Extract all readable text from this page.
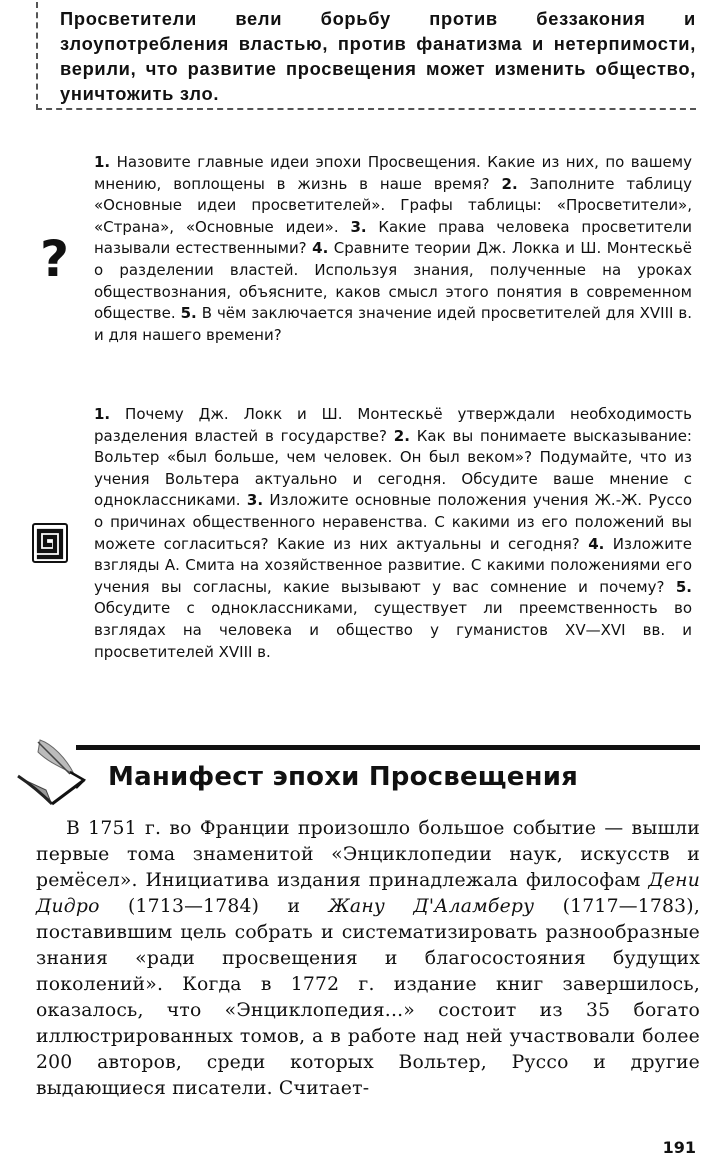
Просветители вели борьбу против беззакония и злоупотребления властью, против фанатизма и нетерпимости, верили, что развитие просвещения может изменить общество, уничтожить зло.
?

1. Назовите главные идеи эпохи Просвещения. Какие из них, по вашему мнению, воплощены в жизнь в наше время? 2. Заполните таблицу «Основные идеи просветителей». Графы таблицы: «Просветители», «Страна», «Основные идеи». 3. Какие права человека просветители называли естественными? 4. Сравните теории Дж. Локка и Ш. Монтескьё о разделении властей. Используя знания, полученные на уроках обществознания, объясните, каков смысл этого понятия в современном обществе. 5. В чём заключается значение идей просветителей для XVIII в. и для нашего времени?

1. Почему Дж. Локк и Ш. Монтескьё утверждали необходимость разделения властей в государстве? 2. Как вы понимаете высказывание: Вольтер «был больше, чем человек. Он был веком»? Подумайте, что из учения Вольтера актуально и сегодня. Обсудите ваше мнение с одноклассниками. 3. Изложите основные положения учения Ж.-Ж. Руссо о причинах общественного неравенства. С какими из его положений вы можете согласиться? Какие из них актуальны и сегодня? 4. Изложите взгляды А. Смита на хозяйственное развитие. С какими положениями его учения вы согласны, какие вызывают у вас сомнение и почему? 5. Обсудите с одноклассниками, существует ли преемственность во взглядах на человека и общество у гуманистов XV—XVI вв. и просветителей XVIII в.

Манифест эпохи Просвещения

В 1751 г. во Франции произошло большое событие — вышли первые тома знаменитой «Энциклопедии наук, искусств и ремёсел». Инициатива издания принадлежала философам Дени Дидро (1713—1784) и Жану Д'Аламберу (1717—1783), поставившим цель собрать и систематизировать разнообразные знания «ради просвещения и благосостояния будущих поколений». Когда в 1772 г. издание книг завершилось, оказалось, что «Энциклопедия...» состоит из 35 богато иллюстрированных томов, а в работе над ней участвовали более 200 авторов, среди которых Вольтер, Руссо и другие выдающиеся писатели. Считает-

191
